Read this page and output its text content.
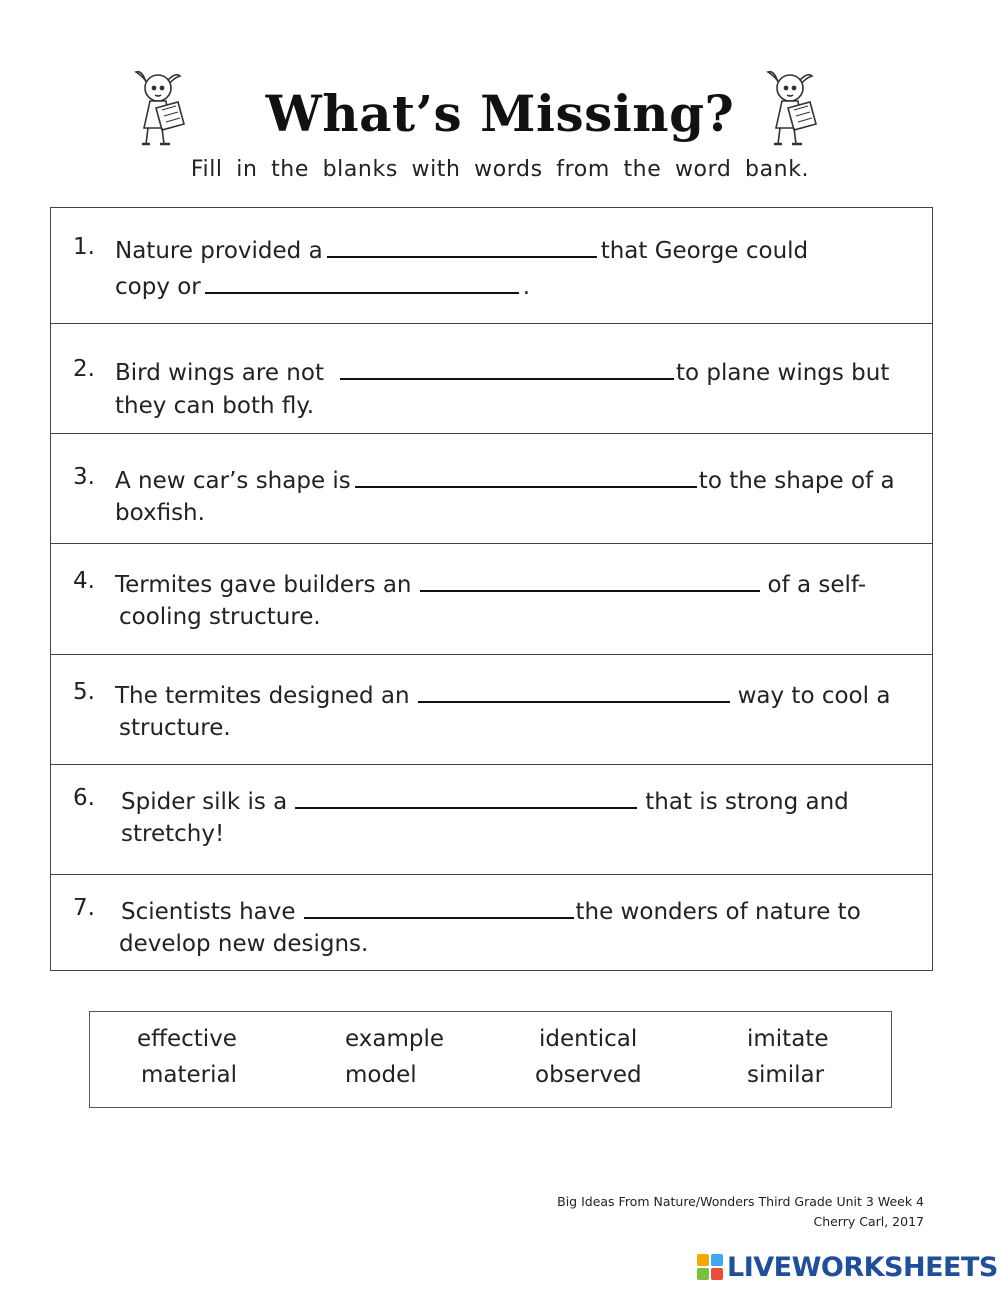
What’s Missing?
Fill in the blanks with words from the word bank.
1. Nature provided a	that George could
copy or	.
2. Bird wings are not	to plane wings but
they can both fly.
3. A new car’s shape is	to the shape of a
boxfish.
4. Termites gave builders an	of a self-
cooling structure.
5. The termites designed an	way to cool a
structure.
6. Spider silk is a	that is strong and
stretchy!
7. Scientists have	the wonders of nature to
develop new designs.
effective	example	identical	imitate
material	model	observed	similar
Big Ideas From Nature/Wonders Third Grade Unit 3 Week 4
Cherry Carl, 2017
LIVEWORKSHEETS
